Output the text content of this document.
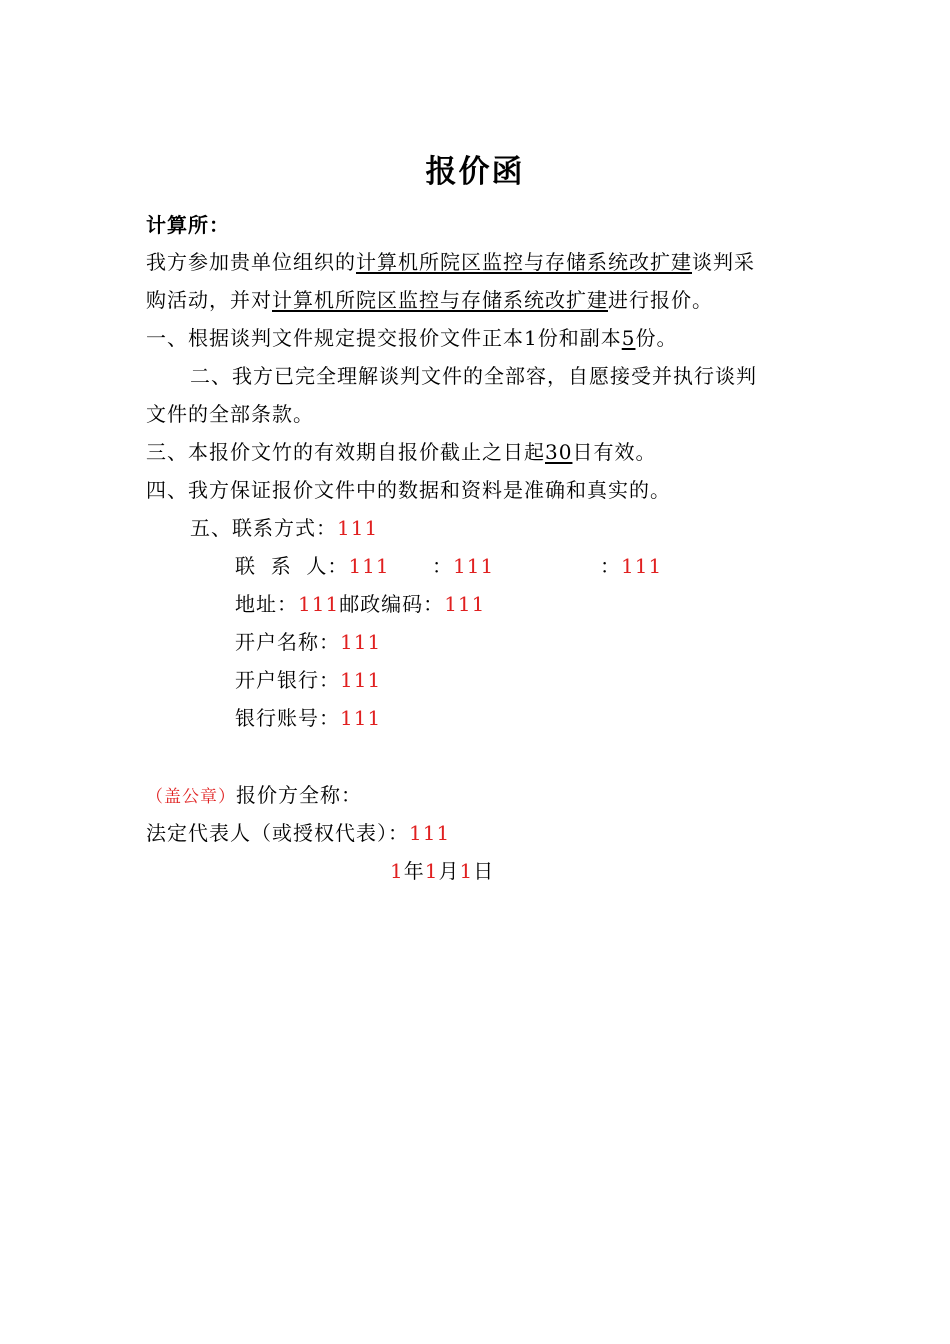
报价函
计算所：
我方参加贵单位组织的计算机所院区监控与存储系统改扩建谈判采
购活动，并对计算机所院区监控与存储系统改扩建进行报价。
一、根据谈判文件规定提交报价文件正本1份和副本5份。
二、我方已完全理解谈判文件的全部容，自愿接受并执行谈判
文件的全部条款。
三、本报价文竹的有效期自报价截止之日起30日有效。
四、我方保证报价文件中的数据和资料是准确和真实的。
五、联系方式：111
联  系  人：111 ：111	：111
地址：111邮政编码：111
开户名称：111
开户银行：111
银行账号：111
（盖公章）报价方全称：
法定代表人（或授权代表）：111
1年1月1日
